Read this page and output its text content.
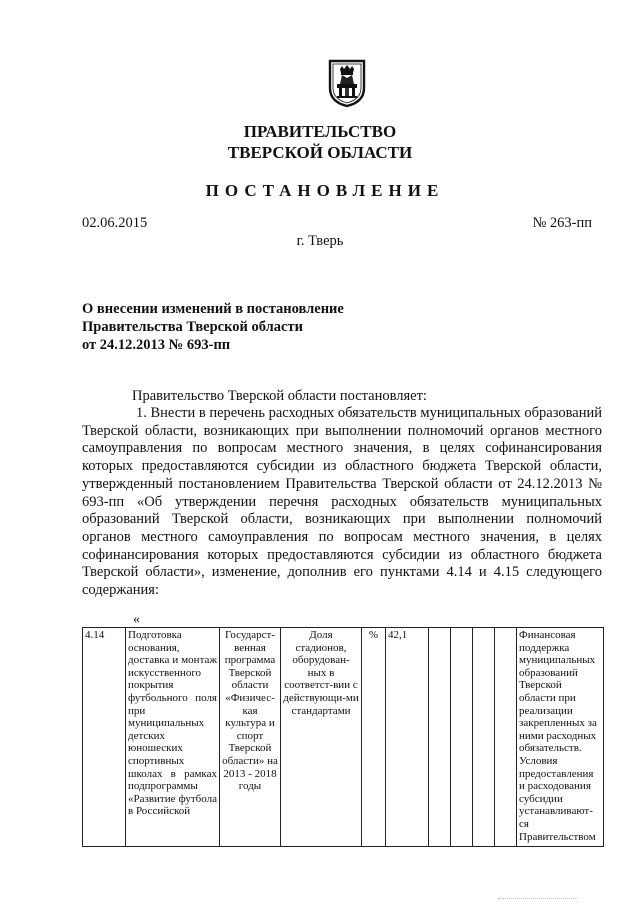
ПРАВИТЕЛЬСТВО
ТВЕРСКОЙ ОБЛАСТИ
ПОСТАНОВЛЕНИЕ
02.06.2015	№ 263-пп
г. Тверь
О внесении изменений в постановление
Правительства Тверской области
от 24.12.2013 № 693-пп
Правительство Тверской области постановляет:

1. Внести в перечень расходных обязательств муниципальных образований Тверской области, возникающих при выполнении полномочий органов местного самоуправления по вопросам местного значения, в целях софинансирования которых предоставляются субсидии из областного бюджета Тверской области, утвержденный постановлением Правительства Тверской области от 24.12.2013 № 693-пп «Об утверждении перечня расходных обязательств муниципальных образований Тверской области, возникающих при выполнении полномочий органов местного самоуправления по вопросам местного значения, в целях софинансирования которых предоставляются субсидии из областного бюджета Тверской области», изменение, дополнив его пунктами 4.14 и 4.15 следующего содержания:

«
4.14	Подготовка основания, доставка и монтаж искусственного покрытия футбольного поля при муниципальных детских юношеских спортивных школах в рамках подпрограммы «Развитие футбола в Российской	Государст-венная программа Тверской области «Физичес-кая культура и спорт Тверской области» на 2013 - 2018 годы	Доля стадионов, оборудован-ных в соответст-вии с действующи-ми стандартами	%	42,1					Финансовая поддержка муниципальных образований Тверской области при реализации закрепленных за ними расходных обязательств. Условия предоставления и расходования субсидии устанавливают-ся Правительством
